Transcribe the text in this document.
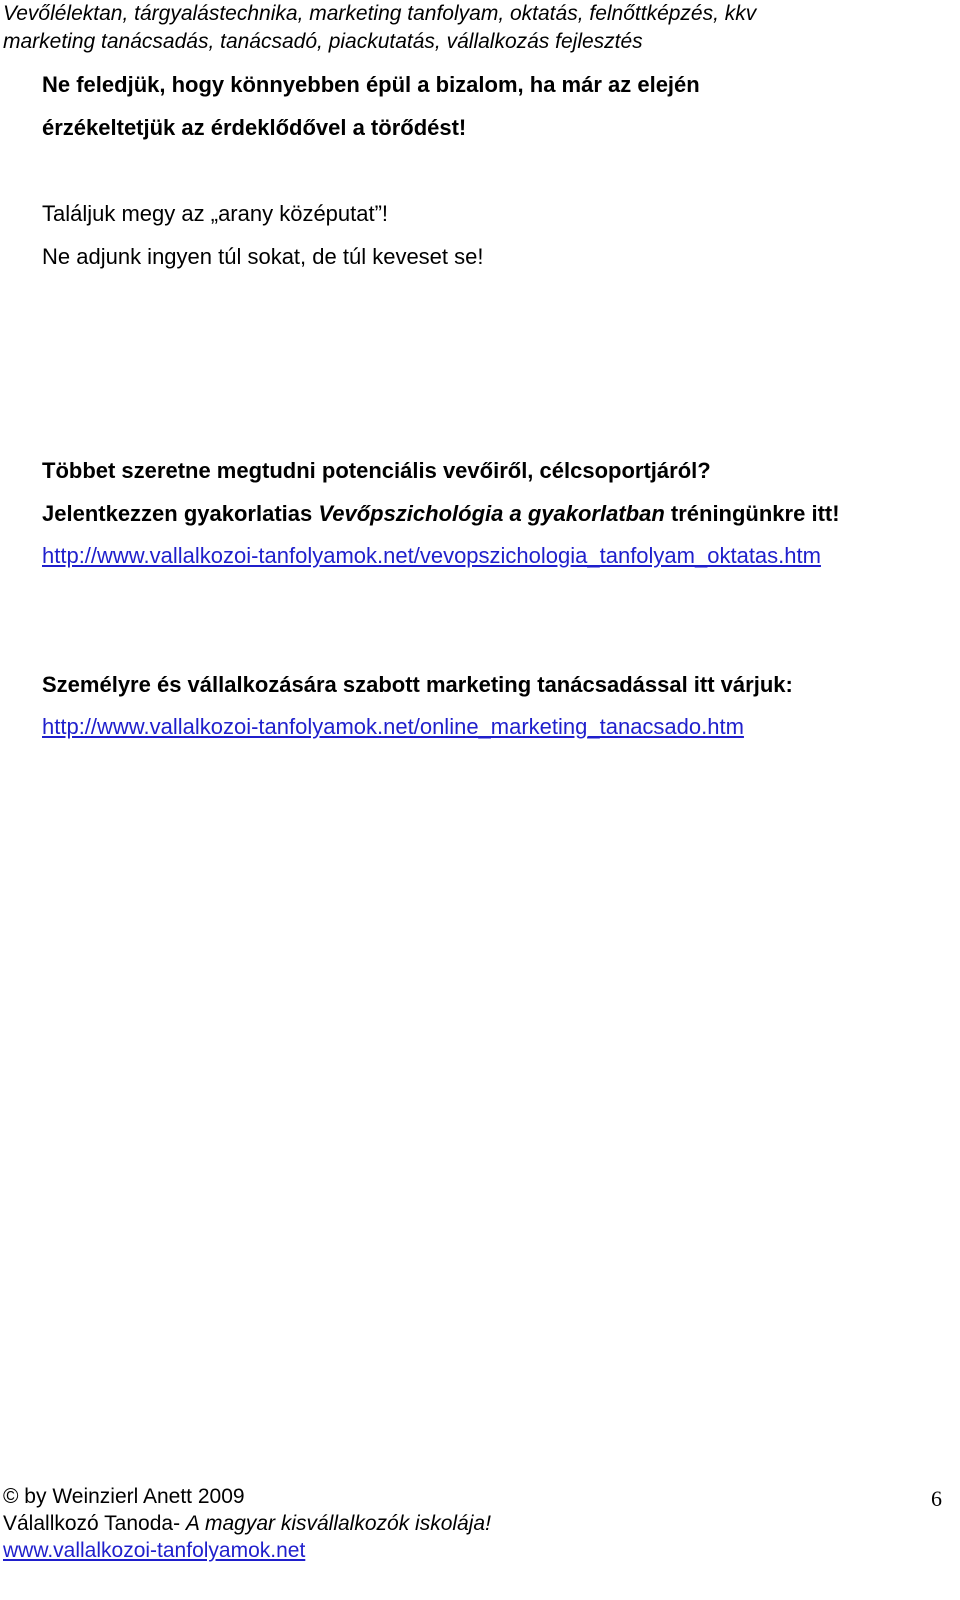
Vevőlélektan, tárgyalástechnika, marketing tanfolyam, oktatás, felnőttképzés, kkv
marketing tanácsadás, tanácsadó, piackutatás, vállalkozás fejlesztés
Ne feledjük, hogy könnyebben épül a bizalom, ha már az elején
érzékeltetjük az érdeklődővel a törődést!
Találjuk megy az „arany középutat”!
Ne adjunk ingyen túl sokat, de túl keveset se!
Többet szeretne megtudni potenciális vevőiről, célcsoportjáról?
Jelentkezzen gyakorlatias Vevőpszichológia a gyakorlatban tréningünkre itt!
http://www.vallalkozoi-tanfolyamok.net/vevopszichologia_tanfolyam_oktatas.htm
Személyre és vállalkozására szabott marketing tanácsadással itt várjuk:
http://www.vallalkozoi-tanfolyamok.net/online_marketing_tanacsado.htm
© by Weinzierl Anett 2009
Válallkozó Tanoda- A magyar kisvállalkozók iskolája!
www.vallalkozoi-tanfolyamok.net
6
